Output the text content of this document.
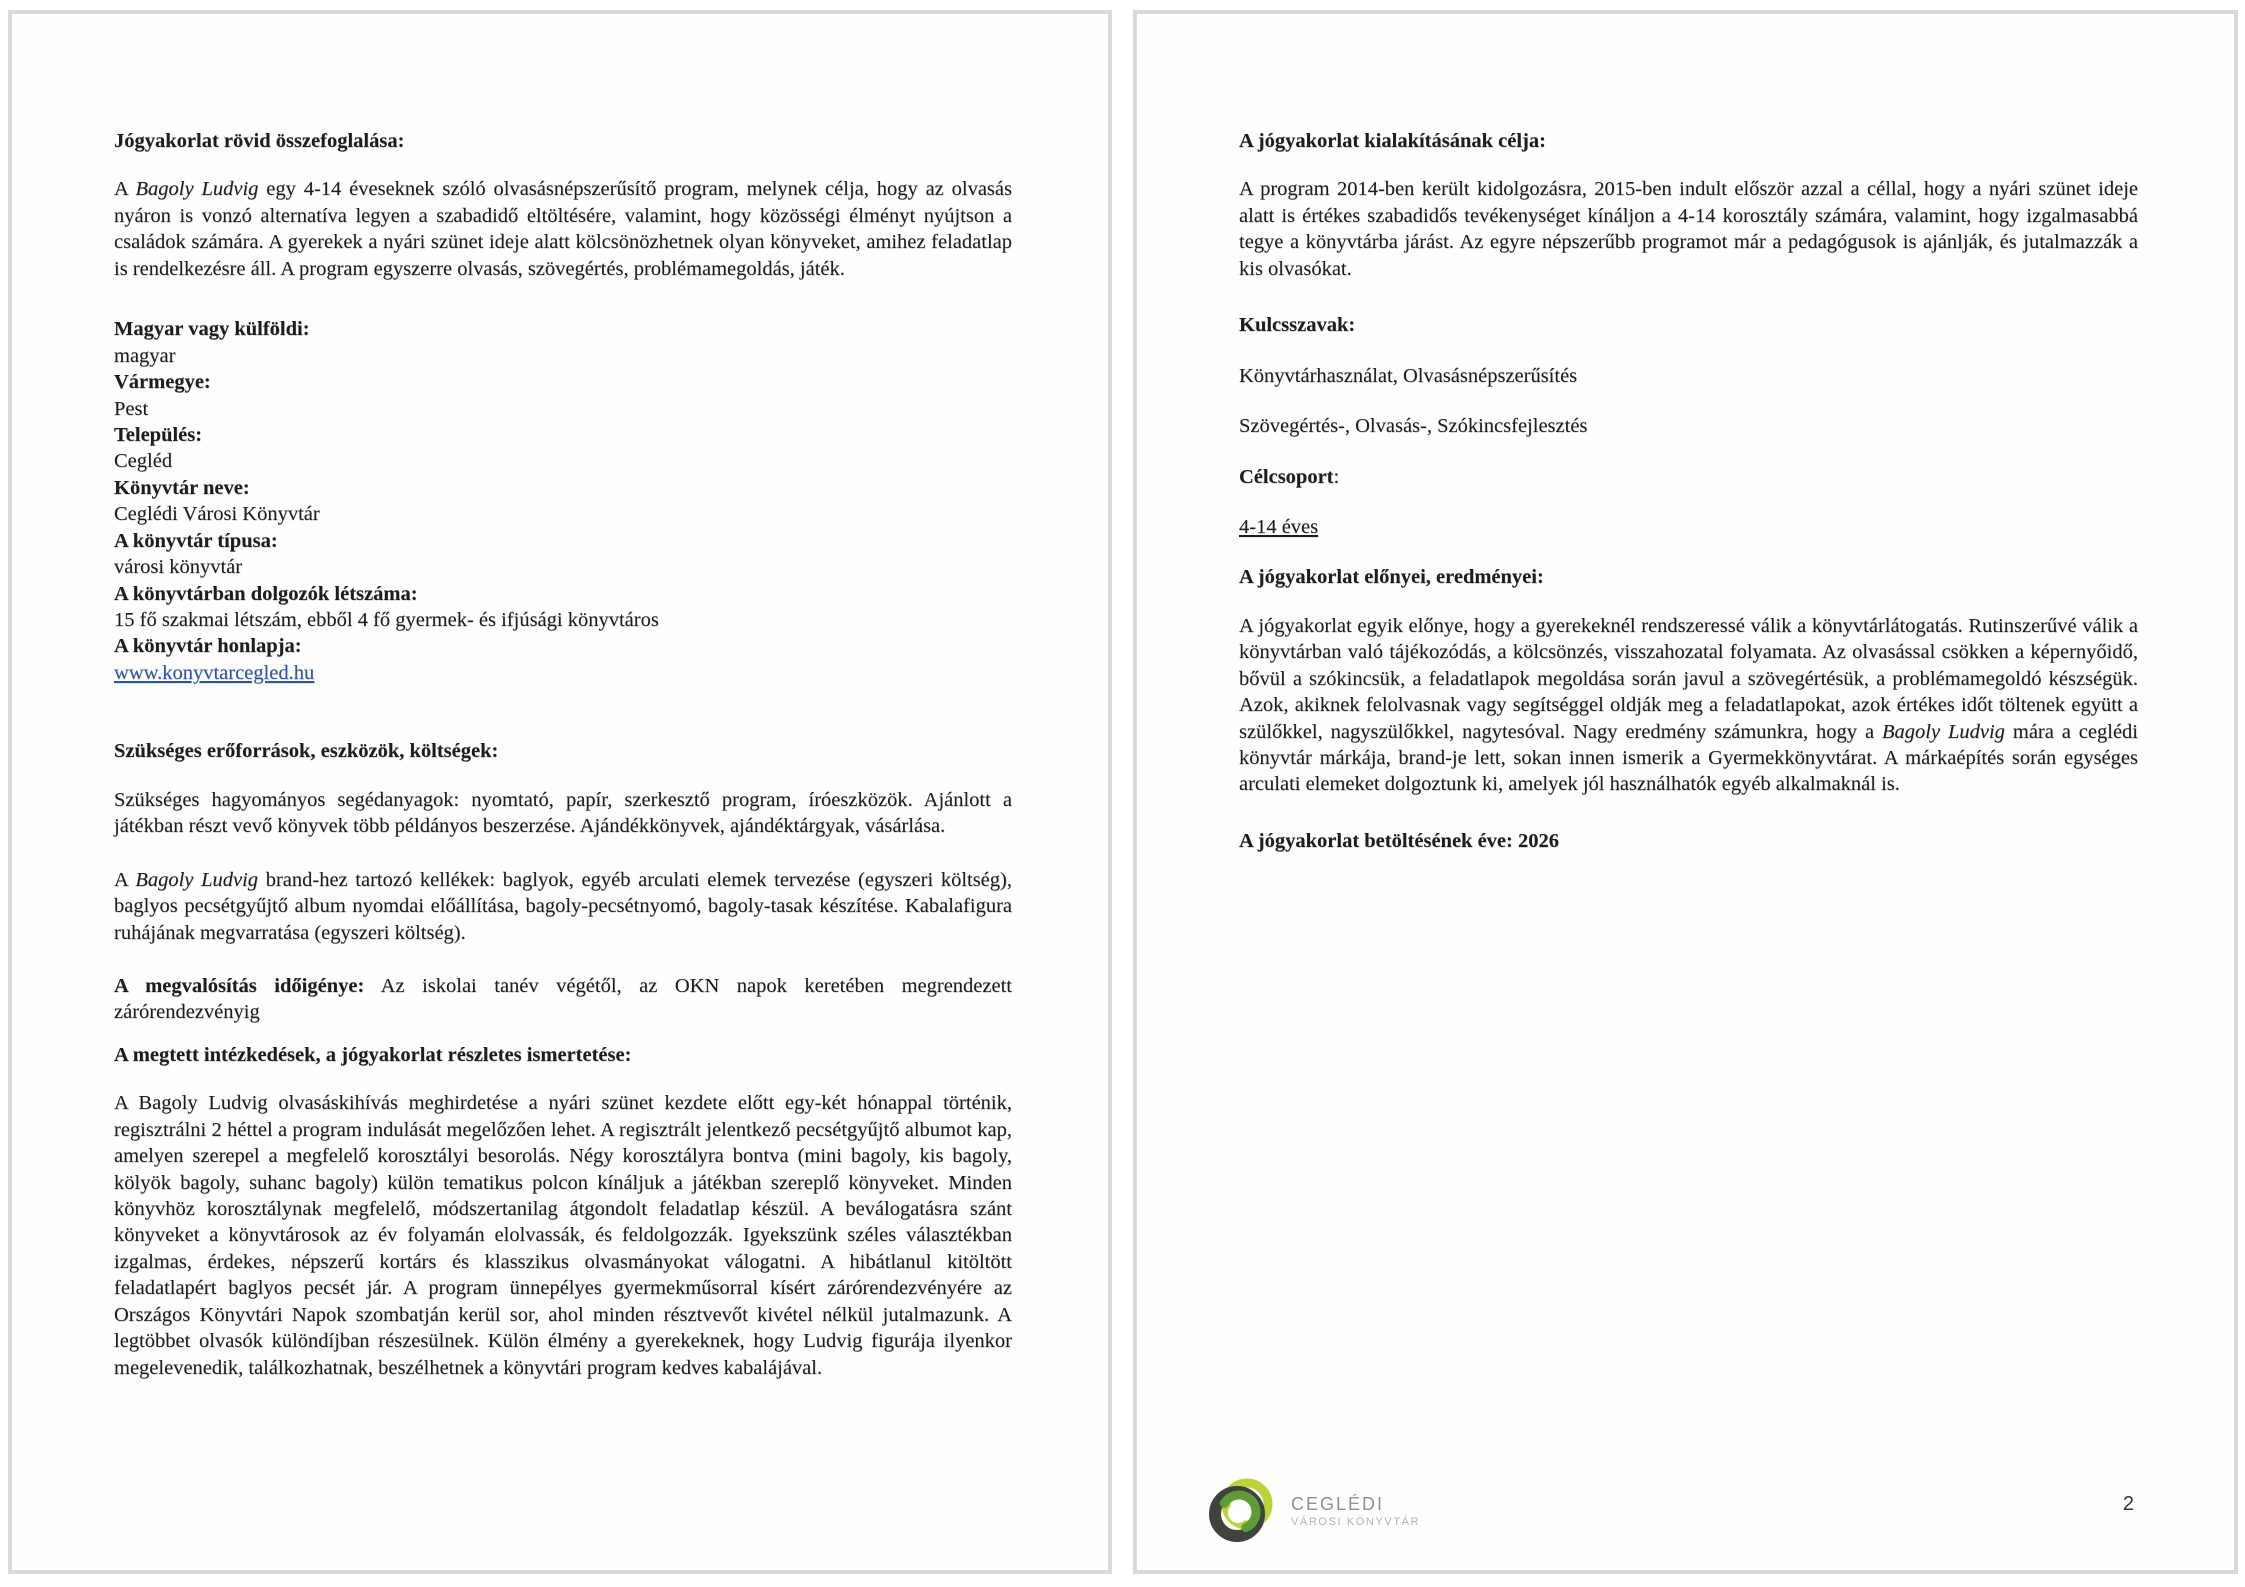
Jógyakorlat rövid összefoglalása:

A Bagoly Ludvig egy 4-14 éveseknek szóló olvasásnépszerűsítő program, melynek célja, hogy az olvasás nyáron is vonzó alternatíva legyen a szabadidő eltöltésére, valamint, hogy közösségi élményt nyújtson a családok számára. A gyerekek a nyári szünet ideje alatt kölcsönözhetnek olyan könyveket, amihez feladatlap is rendelkezésre áll. A program egyszerre olvasás, szövegértés, problémamegoldás, játék.

Magyar vagy külföldi:
magyar
Vármegye:
Pest
Település:
Cegléd
Könyvtár neve:
Ceglédi Városi Könyvtár
A könyvtár típusa:
városi könyvtár
A könyvtárban dolgozók létszáma:
15 fő szakmai létszám, ebből 4 fő gyermek- és ifjúsági könyvtáros
A könyvtár honlapja:
www.konyvtarcegled.hu
Szükséges erőforrások, eszközök, költségek:

Szükséges hagyományos segédanyagok: nyomtató, papír, szerkesztő program, íróeszközök. Ajánlott a játékban részt vevő könyvek több példányos beszerzése. Ajándékkönyvek, ajándéktárgyak, vásárlása.

A Bagoly Ludvig brand-hez tartozó kellékek: baglyok, egyéb arculati elemek tervezése (egyszeri költség), baglyos pecsétgyűjtő album nyomdai előállítása, bagoly-pecsétnyomó, bagoly-tasak készítése. Kabalafigura ruhájának megvarratása (egyszeri költség).

A megvalósítás időigénye: Az iskolai tanév végétől, az OKN napok keretében megrendezett zárórendezvényig

A megtett intézkedések, a jógyakorlat részletes ismertetése:

A Bagoly Ludvig olvasáskihívás meghirdetése a nyári szünet kezdete előtt egy-két hónappal történik, regisztrálni 2 héttel a program indulását megelőzően lehet. A regisztrált jelentkező pecsétgyűjtő albumot kap, amelyen szerepel a megfelelő korosztályi besorolás. Négy korosztályra bontva (mini bagoly, kis bagoly, kölyök bagoly, suhanc bagoly) külön tematikus polcon kínáljuk a játékban szereplő könyveket. Minden könyvhöz korosztálynak megfelelő, módszertanilag átgondolt feladatlap készül. A beválogatásra szánt könyveket a könyvtárosok az év folyamán elolvassák, és feldolgozzák. Igyekszünk széles választékban izgalmas, érdekes, népszerű kortárs és klasszikus olvasmányokat válogatni. A hibátlanul kitöltött feladatlapért baglyos pecsét jár. A program ünnepélyes gyermekműsorral kísért zárórendezvényére az Országos Könyvtári Napok szombatján kerül sor, ahol minden résztvevőt kivétel nélkül jutalmazunk. A legtöbbet olvasók különdíjban részesülnek. Külön élmény a gyerekeknek, hogy Ludvig figurája ilyenkor megelevenedik, találkozhatnak, beszélhetnek a könyvtári program kedves kabalájával.

A jógyakorlat kialakításának célja:

A program 2014-ben került kidolgozásra, 2015-ben indult először azzal a céllal, hogy a nyári szünet ideje alatt is értékes szabadidős tevékenységet kínáljon a 4-14 korosztály számára, valamint, hogy izgalmasabbá tegye a könyvtárba járást. Az egyre népszerűbb programot már a pedagógusok is ajánlják, és jutalmazzák a kis olvasókat.

Kulcsszavak:

Könyvtárhasználat, Olvasásnépszerűsítés

Szövegértés-, Olvasás-, Szókincsfejlesztés

Célcsoport:

4-14 éves

A jógyakorlat előnyei, eredményei:

A jógyakorlat egyik előnye, hogy a gyerekeknél rendszeressé válik a könyvtárlátogatás. Rutinszerűvé válik a könyvtárban való tájékozódás, a kölcsönzés, visszahozatal folyamata. Az olvasással csökken a képernyőidő, bővül a szókincsük, a feladatlapok megoldása során javul a szövegértésük, a problémamegoldó készségük. Azok, akiknek felolvasnak vagy segítséggel oldják meg a feladatlapokat, azok értékes időt töltenek együtt a szülőkkel, nagyszülőkkel, nagytesóval. Nagy eredmény számunkra, hogy a Bagoly Ludvig mára a ceglédi könyvtár márkája, brand-je lett, sokan innen ismerik a Gyermekkönyvtárat. A márkaépítés során egységes arculati elemeket dolgoztunk ki, amelyek jól használhatók egyéb alkalmaknál is.

A jógyakorlat betöltésének éve: 2026
CEGLÉDI
VÁROSI KÖNYVTÁR
2
